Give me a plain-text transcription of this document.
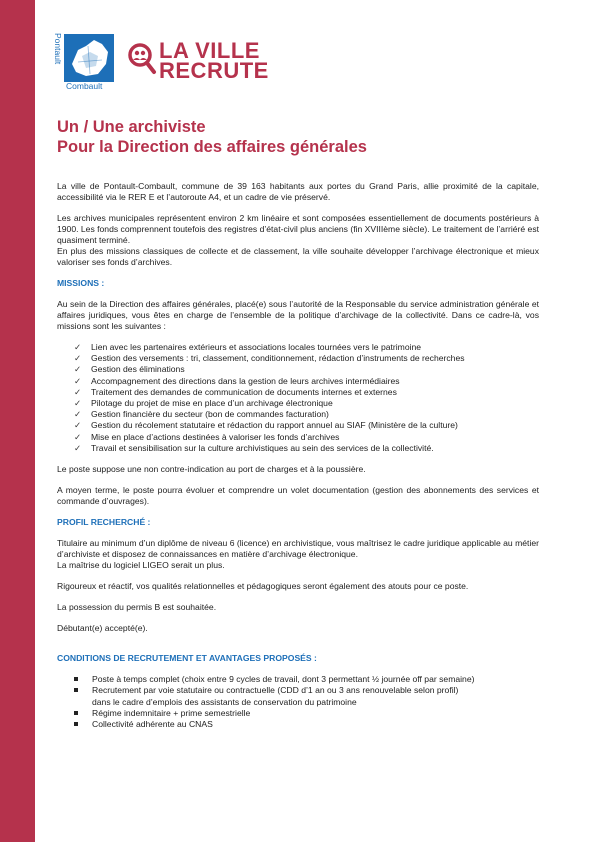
Pontault
Combault
LA VILLE
RECRUTE
Un / Une archiviste
Pour la Direction des affaires générales

La ville de Pontault-Combault, commune de 39 163 habitants aux portes du Grand Paris, allie proximité de la capitale, accessibilité via le RER E et l’autoroute A4, et un cadre de vie préservé.

Les archives municipales représentent environ 2 km linéaire et sont composées essentiellement de documents postérieurs à 1900. Les fonds comprennent toutefois des registres d’état-civil plus anciens (fin XVIIIème siècle). Le traitement de l’arriéré est quasiment terminé.

En plus des missions classiques de collecte et de classement, la ville souhaite développer l’archivage électronique et mieux valoriser ses fonds d’archives.

MISSIONS :

Au sein de la Direction des affaires générales, placé(e) sous l’autorité de la Responsable du service administration générale et affaires juridiques, vous êtes en charge de l’ensemble de la politique d’archivage de la collectivité. Dans ce cadre-là, vos missions sont les suivantes :

✓ Lien avec les partenaires extérieurs et associations locales tournées vers le patrimoine
✓ Gestion des versements : tri, classement, conditionnement, rédaction d’instruments de recherches
✓ Gestion des éliminations
✓ Accompagnement des directions dans la gestion de leurs archives intermédiaires
✓ Traitement des demandes de communication de documents internes et externes
✓ Pilotage du projet de mise en place d’un archivage électronique
✓ Gestion financière du secteur (bon de commandes facturation)
✓ Gestion du récolement statutaire et rédaction du rapport annuel au SIAF (Ministère de la culture)
✓ Mise en place d’actions destinées à valoriser les fonds d’archives
✓ Travail et sensibilisation sur la culture archivistiques au sein des services de la collectivité.

Le poste suppose une non contre-indication au port de charges et à la poussière.

A moyen terme, le poste pourra évoluer et comprendre un volet documentation (gestion des abonnements des services et commande d’ouvrages).

PROFIL RECHERCHÉ :

Titulaire au minimum d’un diplôme de niveau 6 (licence) en archivistique, vous maîtrisez le cadre juridique applicable au métier d’archiviste et disposez de connaissances en matière d’archivage électronique.

La maîtrise du logiciel LIGEO serait un plus.

Rigoureux et réactif, vos qualités relationnelles et pédagogiques seront également des atouts pour ce poste.

La possession du permis B est souhaitée.

Débutant(e) accepté(e).

CONDITIONS DE RECRUTEMENT ET AVANTAGES PROPOSÉS :
Poste à temps complet (choix entre 9 cycles de travail, dont 3 permettant ½ journée off par semaine)
Recrutement par voie statutaire ou contractuelle (CDD d’1 an ou 3 ans renouvelable selon profil)
dans le cadre d’emplois des assistants de conservation du patrimoine
Régime indemnitaire + prime semestrielle
Collectivité adhérente au CNAS
